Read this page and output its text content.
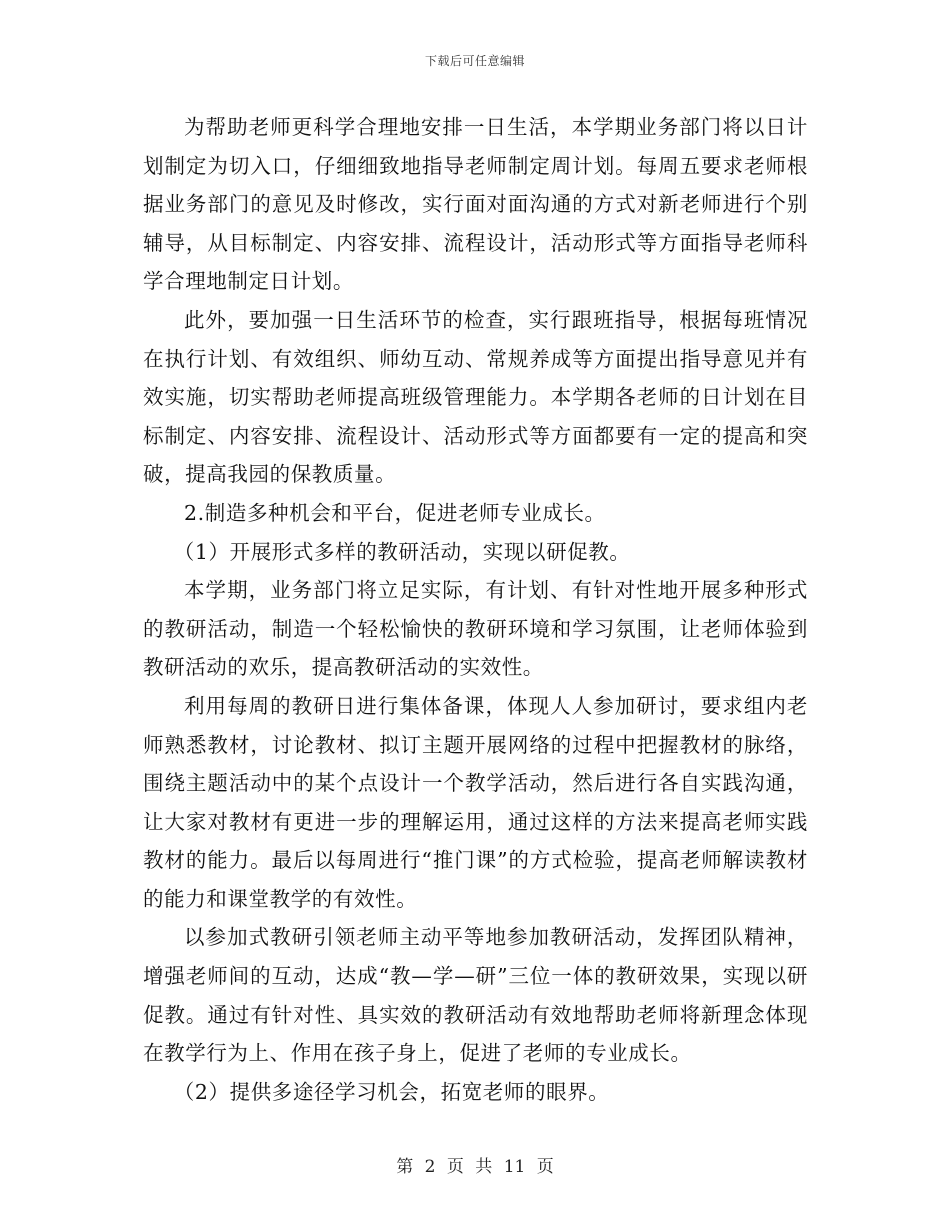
下载后可任意编辑

为帮助老师更科学合理地安排一日生活，本学期业务部门将以日计划制定为切入口，仔细细致地指导老师制定周计划。每周五要求老师根据业务部门的意见及时修改，实行面对面沟通的方式对新老师进行个别辅导，从目标制定、内容安排、流程设计，活动形式等方面指导老师科学合理地制定日计划。

此外，要加强一日生活环节的检查，实行跟班指导，根据每班情况在执行计划、有效组织、师幼互动、常规养成等方面提出指导意见并有效实施，切实帮助老师提高班级管理能力。本学期各老师的日计划在目标制定、内容安排、流程设计、活动形式等方面都要有一定的提高和突破，提高我园的保教质量。

2.制造多种机会和平台，促进老师专业成长。

（1）开展形式多样的教研活动，实现以研促教。

本学期，业务部门将立足实际，有计划、有针对性地开展多种形式的教研活动，制造一个轻松愉快的教研环境和学习氛围，让老师体验到教研活动的欢乐，提高教研活动的实效性。

利用每周的教研日进行集体备课，体现人人参加研讨，要求组内老师熟悉教材，讨论教材、拟订主题开展网络的过程中把握教材的脉络，围绕主题活动中的某个点设计一个教学活动，然后进行各自实践沟通，让大家对教材有更进一步的理解运用，通过这样的方法来提高老师实践教材的能力。最后以每周进行“推门课”的方式检验，提高老师解读教材的能力和课堂教学的有效性。

以参加式教研引领老师主动平等地参加教研活动，发挥团队精神，增强老师间的互动，达成“教—学—研”三位一体的教研效果，实现以研促教。通过有针对性、具实效的教研活动有效地帮助老师将新理念体现在教学行为上、作用在孩子身上，促进了老师的专业成长。

（2）提供多途径学习机会，拓宽老师的眼界。

第 2 页 共 11 页
